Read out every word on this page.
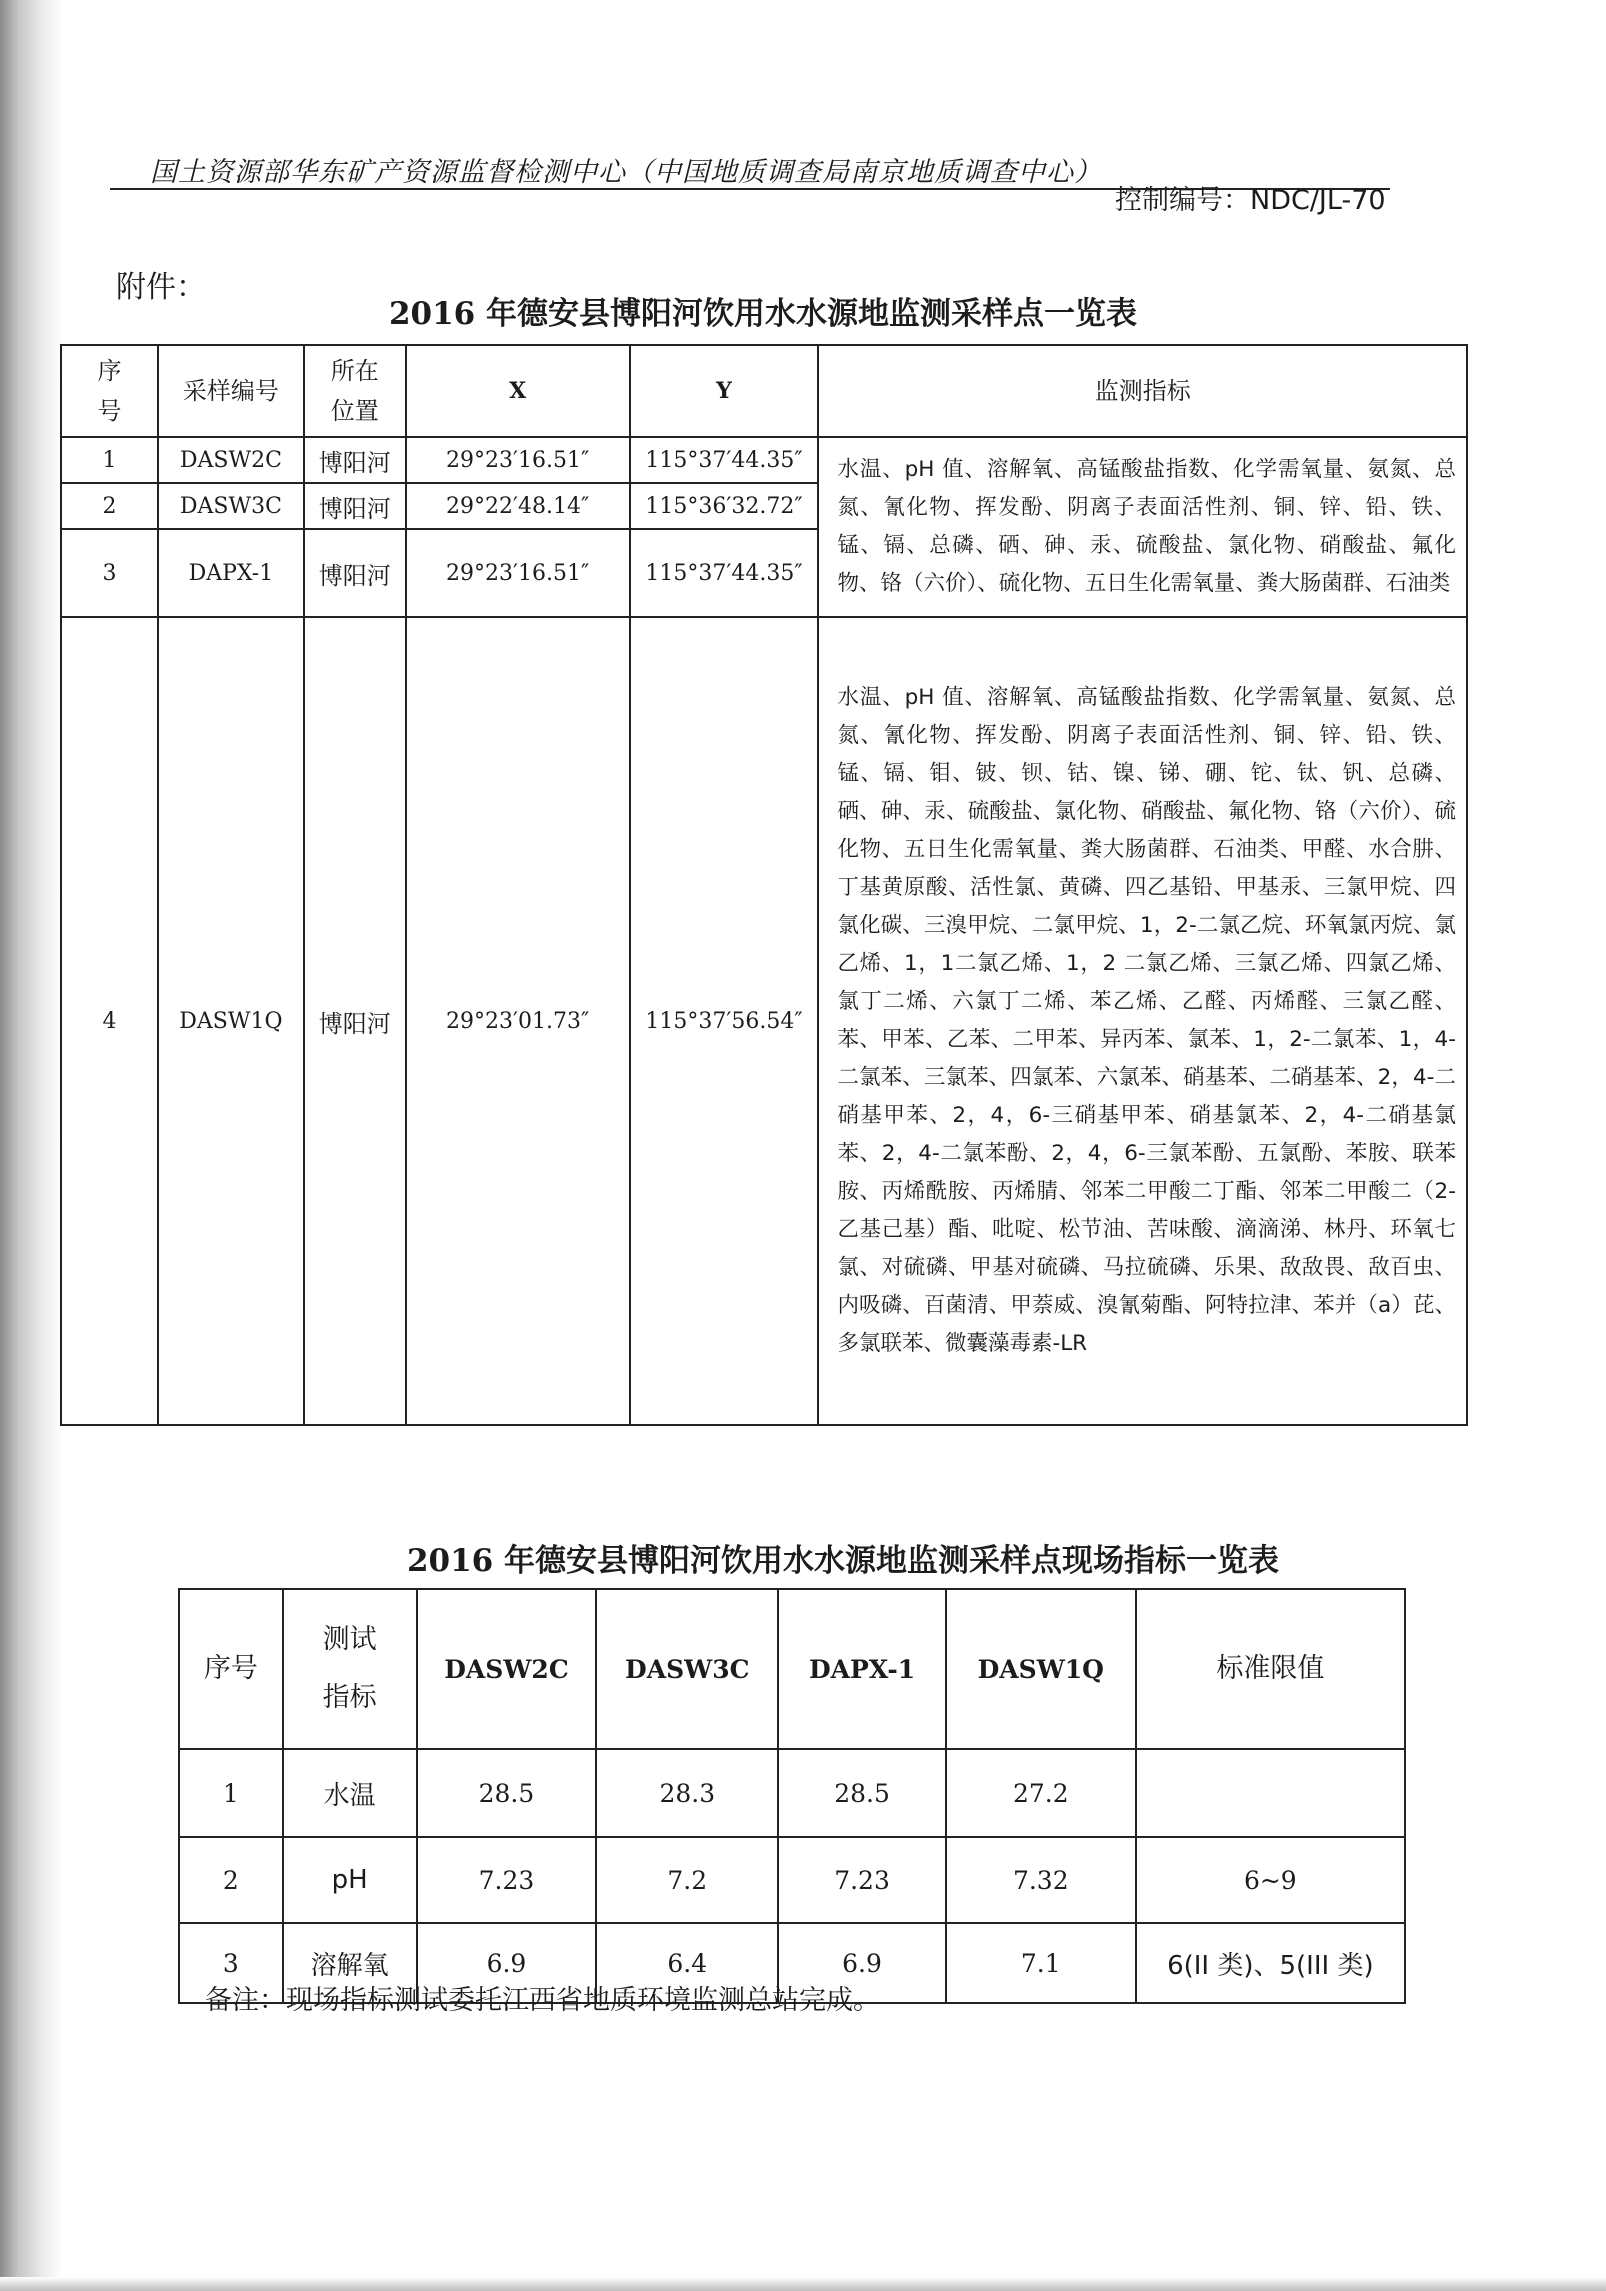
国土资源部华东矿产资源监督检测中心（中国地质调查局南京地质调查中心）
控制编号：NDC/JL-70
附件：
2016 年德安县博阳河饮用水水源地监测采样点一览表
序号	采样编号	所在位置	X	Y	监测指标
1	DASW2C	博阳河	29°23′16.51″	115°37′44.35″	水温、pH 值、溶解氧、高锰酸盐指数、化学需氧量、氨氮、总氮、氰化物、挥发酚、阴离子表面活性剂、铜、锌、铅、铁、锰、镉、总磷、硒、砷、汞、硫酸盐、氯化物、硝酸盐、氟化物、铬（六价）、硫化物、五日生化需氧量、粪大肠菌群、石油类
2	DASW3C	博阳河	29°22′48.14″	115°36′32.72″	
3	DAPX-1	博阳河	29°23′16.51″	115°37′44.35″	
4	DASW1Q	博阳河	29°23′01.73″	115°37′56.54″	水温、pH 值、溶解氧、高锰酸盐指数、化学需氧量、氨氮、总氮、氰化物、挥发酚、阴离子表面活性剂、铜、锌、铅、铁、锰、镉、钼、铍、钡、钴、镍、锑、硼、铊、钛、钒、总磷、硒、砷、汞、硫酸盐、氯化物、硝酸盐、氟化物、铬（六价）、硫化物、五日生化需氧量、粪大肠菌群、石油类、甲醛、水合肼、丁基黄原酸、活性氯、黄磷、四乙基铅、甲基汞、三氯甲烷、四氯化碳、三溴甲烷、二氯甲烷、1，2-二氯乙烷、环氧氯丙烷、氯乙烯、1，1二氯乙烯、1，2 二氯乙烯、三氯乙烯、四氯乙烯、氯丁二烯、六氯丁二烯、苯乙烯、乙醛、丙烯醛、三氯乙醛、苯、甲苯、乙苯、二甲苯、异丙苯、氯苯、1，2-二氯苯、1，4-二氯苯、三氯苯、四氯苯、六氯苯、硝基苯、二硝基苯、2，4-二硝基甲苯、2，4，6-三硝基甲苯、硝基氯苯、2，4-二硝基氯苯、2，4-二氯苯酚、2，4，6-三氯苯酚、五氯酚、苯胺、联苯胺、丙烯酰胺、丙烯腈、邻苯二甲酸二丁酯、邻苯二甲酸二（2-乙基己基）酯、吡啶、松节油、苦味酸、滴滴涕、林丹、环氧七氯、对硫磷、甲基对硫磷、马拉硫磷、乐果、敌敌畏、敌百虫、内吸磷、百菌清、甲萘威、溴氰菊酯、阿特拉津、苯并（a）芘、多氯联苯、微囊藻毒素-LR
2016 年德安县博阳河饮用水水源地监测采样点现场指标一览表
序号	测试指标	DASW2C	DASW3C	DAPX-1	DASW1Q	标准限值
1	水温	28.5	28.3	28.5	27.2	
2	pH	7.23	7.2	7.23	7.32	6~9
3	溶解氧	6.9	6.4	6.9	7.1	6(II 类)、5(III 类)
备注：现场指标测试委托江西省地质环境监测总站完成。
